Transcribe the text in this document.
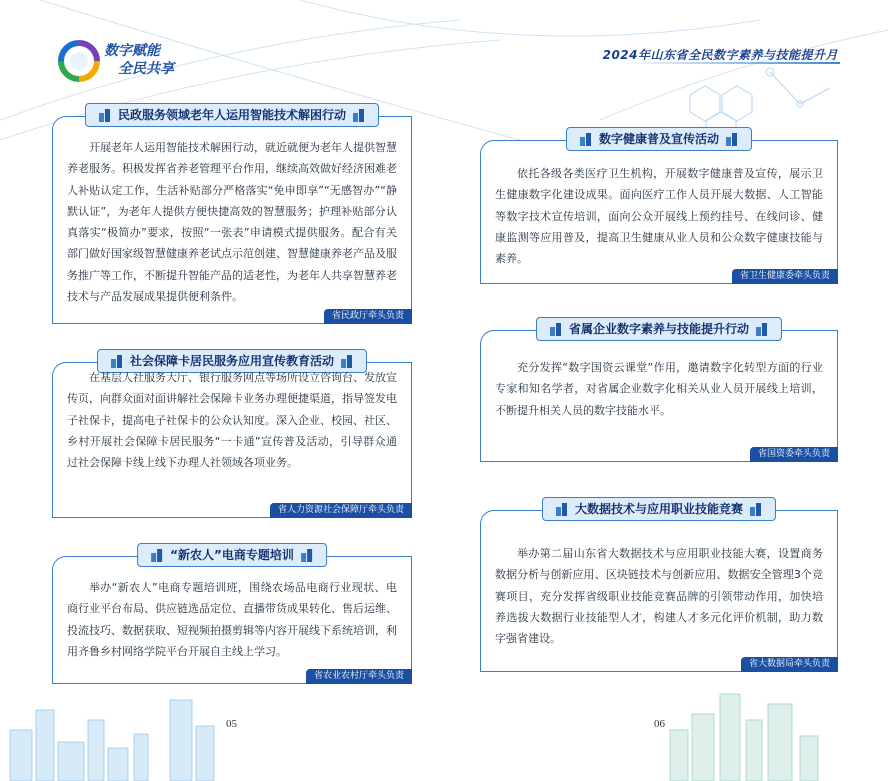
数字赋能
全民共享
2024年山东省全民数字素养与技能提升月
民政服务领域老年人运用智能技术解困行动
开展老年人运用智能技术解困行动，就近就便为老年人提供智慧养老服务。积极发挥省养老管理平台作用，继续高效做好经济困难老人补贴认定工作，生活补贴部分严格落实“免申即享”“无感智办”“静默认证”，为老年人提供方便快捷高效的智慧服务；护理补贴部分认真落实“极简办”要求，按照“一张表”申请模式提供服务。配合有关部门做好国家级智慧健康养老试点示范创建、智慧健康养老产品及服务推广等工作，不断提升智能产品的适老性，为老年人共享智慧养老技术与产品发展成果提供便利条件。
省民政厅牵头负责
社会保障卡居民服务应用宣传教育活动
在基层人社服务大厅、银行服务网点等场所设立咨询台、发放宣传页，向群众面对面讲解社会保障卡业务办理便捷渠道，指导签发电子社保卡，提高电子社保卡的公众认知度。深入企业、校园、社区、乡村开展社会保障卡居民服务“一卡通”宣传普及活动，引导群众通过社会保障卡线上线下办理人社领域各项业务。
省人力资源社会保障厅牵头负责
“新农人”电商专题培训
举办“新农人”电商专题培训班，围绕农场品电商行业现状、电商行业平台布局、供应链选品定位、直播带货成果转化、售后运维、投流技巧、数据获取、短视频拍摄剪辑等内容开展线下系统培训，利用齐鲁乡村网络学院平台开展自主线上学习。
省农业农村厅牵头负责
数字健康普及宣传活动
依托各级各类医疗卫生机构，开展数字健康普及宣传，展示卫生健康数字化建设成果。面向医疗工作人员开展大数据、人工智能等数字技术宣传培训，面向公众开展线上预约挂号、在线问诊、健康监测等应用普及，提高卫生健康从业人员和公众数字健康技能与素养。
省卫生健康委牵头负责
省属企业数字素养与技能提升行动
充分发挥“数字国资云课堂”作用，邀请数字化转型方面的行业专家和知名学者，对省属企业数字化相关从业人员开展线上培训，不断提升相关人员的数字技能水平。
省国资委牵头负责
大数据技术与应用职业技能竞赛
举办第二届山东省大数据技术与应用职业技能大赛，设置商务数据分析与创新应用、区块链技术与创新应用、数据安全管理3个竞赛项目，充分发挥省级职业技能竞赛品牌的引领带动作用，加快培养选拔大数据行业技能型人才，构建人才多元化评价机制，助力数字强省建设。
省大数据局牵头负责
05	06
